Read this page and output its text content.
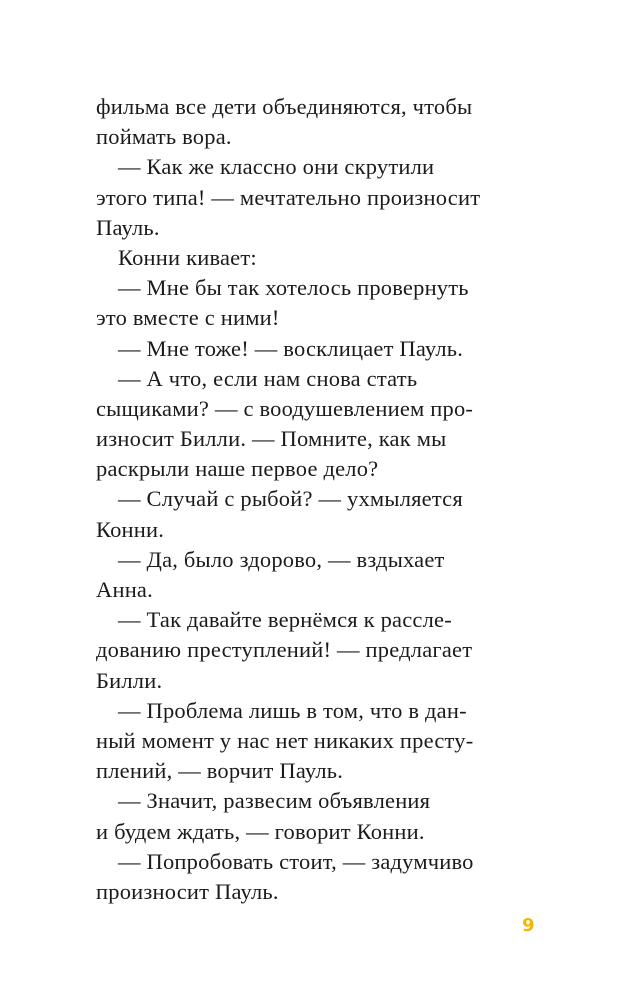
фильма все дети объединяются, чтобы
поймать вора.
— Как же классно они скрутили
этого типа! — мечтательно произносит
Пауль.
Конни кивает:
— Мне бы так хотелось провернуть
это вместе с ними!
— Мне тоже! — восклицает Пауль.
— А что, если нам снова стать
сыщиками? — с воодушевлением про-
износит Билли. — Помните, как мы
раскрыли наше первое дело?
— Случай с рыбой? — ухмыляется
Конни.
— Да, было здорово, — вздыхает
Анна.
— Так давайте вернёмся к рассле-
дованию преступлений! — предлагает
Билли.
— Проблема лишь в том, что в дан-
ный момент у нас нет никаких престу-
плений, — ворчит Пауль.
— Значит, развесим объявления
и будем ждать, — говорит Конни.
— Попробовать стоит, — задумчиво
произносит Пауль.
9
